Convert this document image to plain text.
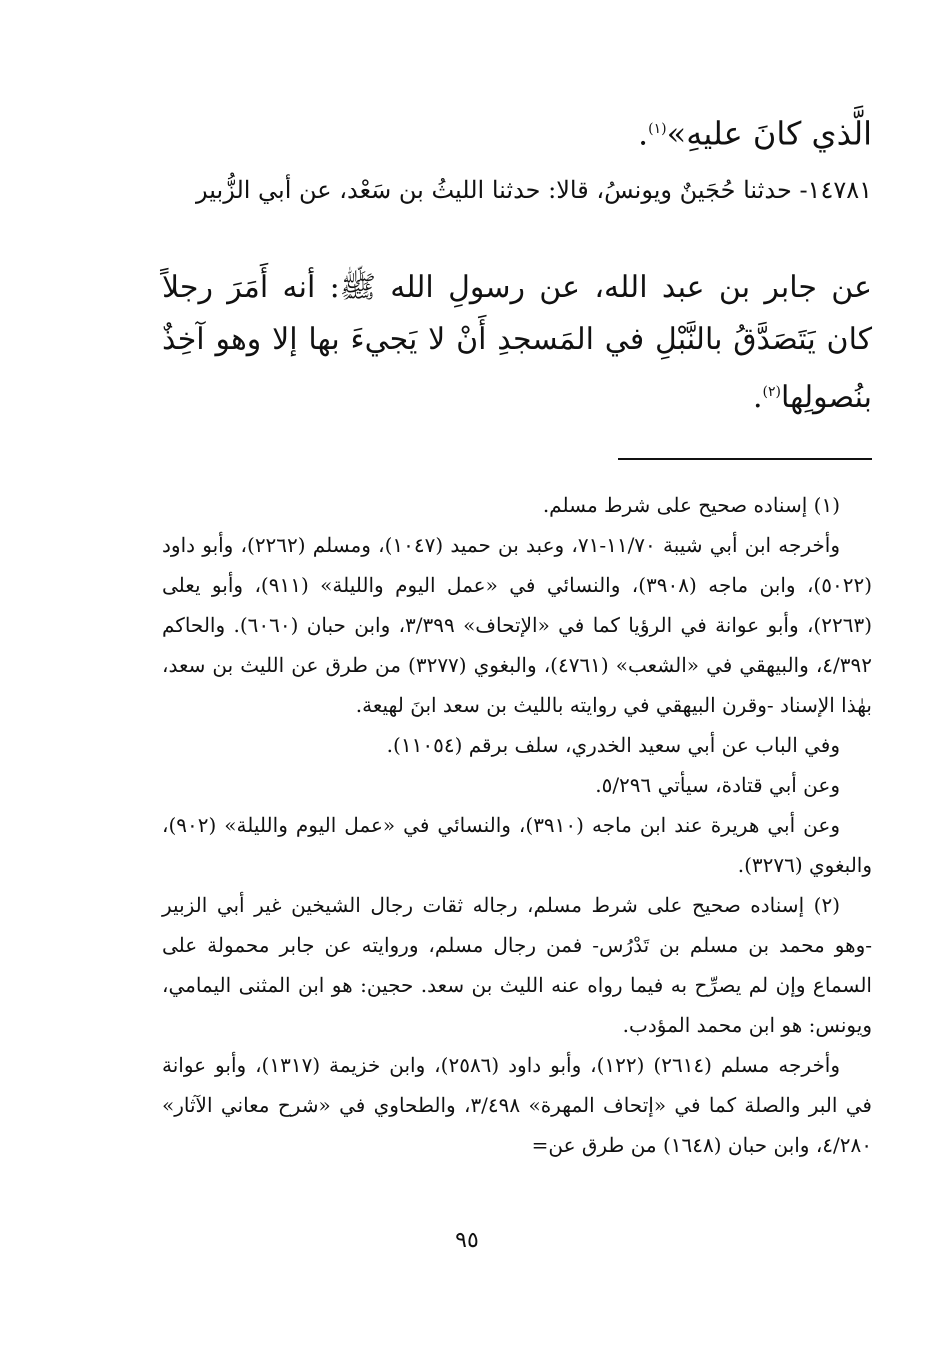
الَّذي كانَ عليهِ»$^{(١)}$.
١٤٧٨١- حدثنا حُجَينٌ ويونسُ، قالا: حدثنا الليثُ بن سَعْد، عن أبي الزُّبير
عن جابر بن عبد الله، عن رسولِ الله ﷺ: أنه أَمَرَ رجلاً كان يَتَصَدَّقُ بالنَّبْلِ في المَسجدِ أَنْ لا يَجيءَ بها إلا وهو آخِذٌ بنُصولِها$^{(٢)}$.

(١) إسناده صحيح على شرط مسلم.

وأخرجه ابن أبي شيبة ١١/٧٠-٧١، وعبد بن حميد (١٠٤٧)، ومسلم (٢٢٦٢)، وأبو داود (٥٠٢٢)، وابن ماجه (٣٩٠٨)، والنسائي في «عمل اليوم والليلة» (٩١١)، وأبو يعلى (٢٢٦٣)، وأبو عوانة في الرؤيا كما في «الإتحاف» ٣/٣٩٩، وابن حبان (٦٠٦٠). والحاكم ٤/٣٩٢، والبيهقي في «الشعب» (٤٧٦١)، والبغوي (٣٢٧٧) من طرق عن الليث بن سعد، بهٰذا الإسناد -وقرن البيهقي في روايته بالليث بن سعد ابنَ لهيعة.

وفي الباب عن أبي سعيد الخدري، سلف برقم (١١٠٥٤).

وعن أبي قتادة، سيأتي ٥/٢٩٦.

وعن أبي هريرة عند ابن ماجه (٣٩١٠)، والنسائي في «عمل اليوم والليلة» (٩٠٢)، والبغوي (٣٢٧٦).

(٢) إسناده صحيح على شرط مسلم، رجاله ثقات رجال الشيخين غير أبي الزبير -وهو محمد بن مسلم بن تَدْرُس- فمن رجال مسلم، وروايته عن جابر محمولة على السماع وإن لم يصرِّح به فيما رواه عنه الليث بن سعد. حجين: هو ابن المثنى اليمامي، ويونس: هو ابن محمد المؤدب.

وأخرجه مسلم (٢٦١٤) (١٢٢)، وأبو داود (٢٥٨٦)، وابن خزيمة (١٣١٧)، وأبو عوانة في البر والصلة كما في «إتحاف المهرة» ٣/٤٩٨، والطحاوي في «شرح معاني الآثار» ٤/٢٨٠، وابن حبان (١٦٤٨) من طرق عن=

٩٥
